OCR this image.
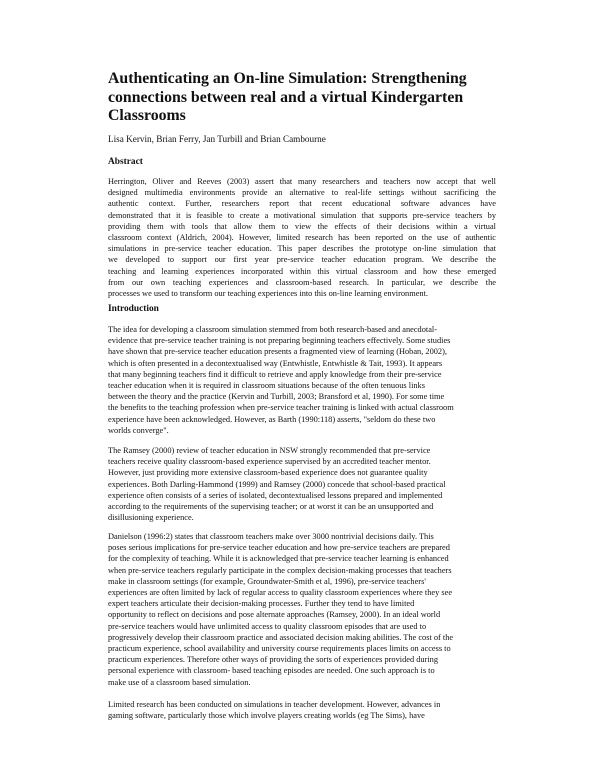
Authenticating an On-line Simulation: Strengthening
connections between real and a virtual Kindergarten
Classrooms

Lisa Kervin, Brian Ferry, Jan Turbill and Brian Cambourne

Abstract

Herrington, Oliver and Reeves (2003) assert that many researchers and teachers now accept that well
designed multimedia environments provide an alternative to real-life settings without sacrificing the
authentic context. Further, researchers report that recent educational software advances have
demonstrated that it is feasible to create a motivational simulation that supports pre-service teachers by
providing them with tools that allow them to view the effects of their decisions within a virtual
classroom context (Aldrich, 2004). However, limited research has been reported on the use of authentic
simulations in pre-service teacher education. This paper describes the prototype on-line simulation that
we developed to support our first year pre-service teacher education program. We describe the
teaching and learning experiences incorporated within this virtual classroom and how these emerged
from our own teaching experiences and classroom-based research. In particular, we describe the
processes we used to transform our teaching experiences into this on-line learning environment.

Introduction

The idea for developing a classroom simulation stemmed from both research-based and anecdotal-
evidence that pre-service teacher training is not preparing beginning teachers effectively. Some studies
have shown that pre-service teacher education presents a fragmented view of learning (Hoban, 2002),
which is often presented in a decontextualised way (Entwhistle, Entwhistle & Tait, 1993). It appears
that many beginning teachers find it difficult to retrieve and apply knowledge from their pre-service
teacher education when it is required in classroom situations because of the often tenuous links
between the theory and the practice (Kervin and Turbill, 2003; Bransford et al, 1990). For some time
the benefits to the teaching profession when pre-service teacher training is linked with actual classroom
experience have been acknowledged. However, as Barth (1990:118) asserts, "seldom do these two
worlds converge".
The Ramsey (2000) review of teacher education in NSW strongly recommended that pre-service
teachers receive quality classroom-based experience supervised by an accredited teacher mentor.
However, just providing more extensive classroom-based experience does not guarantee quality
experiences. Both Darling-Hammond (1999) and Ramsey (2000) concede that school-based practical
experience often consists of a series of isolated, decontextualised lessons prepared and implemented
according to the requirements of the supervising teacher; or at worst it can be an unsupported and
disillusioning experience.
Danielson (1996:2) states that classroom teachers make over 3000 nontrivial decisions daily. This
poses serious implications for pre-service teacher education and how pre-service teachers are prepared
for the complexity of teaching. While it is acknowledged that pre-service teacher learning is enhanced
when pre-service teachers regularly participate in the complex decision-making processes that teachers
make in classroom settings (for example, Groundwater-Smith et al, 1996), pre-service teachers'
experiences are often limited by lack of regular access to quality classroom experiences where they see
expert teachers articulate their decision-making processes. Further they tend to have limited
opportunity to reflect on decisions and pose alternate approaches (Ramsey, 2000). In an ideal world
pre-service teachers would have unlimited access to quality classroom episodes that are used to
progressively develop their classroom practice and associated decision making abilities. The cost of the
practicum experience, school availability and university course requirements places limits on access to
practicum experiences. Therefore other ways of providing the sorts of experiences provided during
personal experience with classroom- based teaching episodes are needed. One such approach is to
make use of a classroom based simulation.
Limited research has been conducted on simulations in teacher development. However, advances in
gaming software, particularly those which involve players creating worlds (eg The Sims), have
